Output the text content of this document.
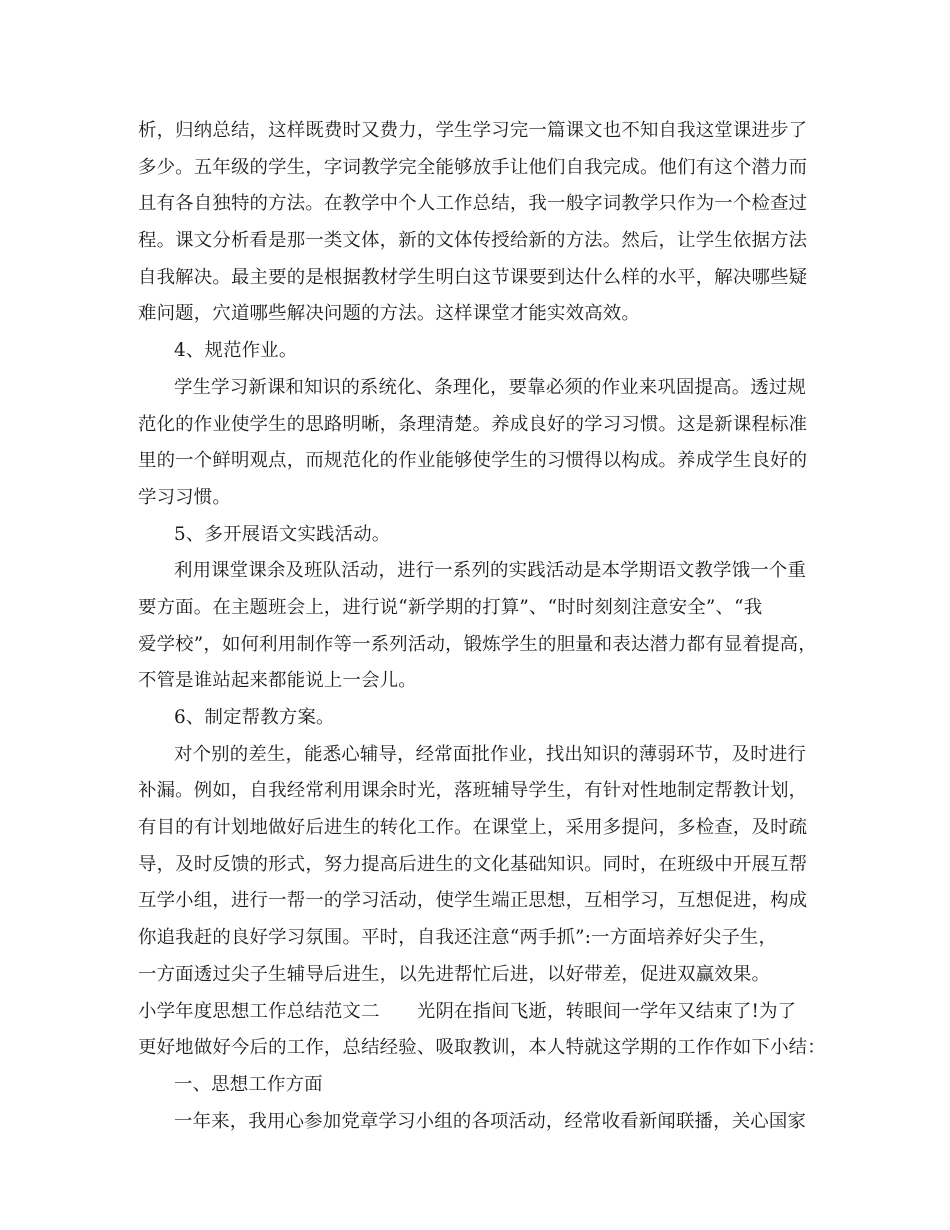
析，归纳总结，这样既费时又费力，学生学习完一篇课文也不知自我这堂课进步了
多少。五年级的学生，字词教学完全能够放手让他们自我完成。他们有这个潜力而
且有各自独特的方法。在教学中个人工作总结，我一般字词教学只作为一个检查过
程。课文分析看是那一类文体，新的文体传授给新的方法。然后，让学生依据方法
自我解决。最主要的是根据教材学生明白这节课要到达什么样的水平，解决哪些疑
难问题，穴道哪些解决问题的方法。这样课堂才能实效高效。
4、规范作业。
学生学习新课和知识的系统化、条理化，要靠必须的作业来巩固提高。透过规
范化的作业使学生的思路明晰，条理清楚。养成良好的学习习惯。这是新课程标准
里的一个鲜明观点，而规范化的作业能够使学生的习惯得以构成。养成学生良好的
学习习惯。
5、多开展语文实践活动。
利用课堂课余及班队活动，进行一系列的实践活动是本学期语文教学饿一个重
要方面。在主题班会上，进行说“新学期的打算”、“时时刻刻注意安全”、“我
爱学校”，如何利用制作等一系列活动，锻炼学生的胆量和表达潜力都有显着提高，
不管是谁站起来都能说上一会儿。
6、制定帮教方案。
对个别的差生，能悉心辅导，经常面批作业，找出知识的薄弱环节，及时进行
补漏。例如，自我经常利用课余时光，落班辅导学生，有针对性地制定帮教计划，
有目的有计划地做好后进生的转化工作。在课堂上，采用多提问，多检查，及时疏
导，及时反馈的形式，努力提高后进生的文化基础知识。同时，在班级中开展互帮
互学小组，进行一帮一的学习活动，使学生端正思想，互相学习，互想促进，构成
你追我赶的良好学习氛围。平时，自我还注意“两手抓”:一方面培养好尖子生，
一方面透过尖子生辅导后进生，以先进帮忙后进，以好带差，促进双赢效果。
小学年度思想工作总结范文二　　光阴在指间飞逝，转眼间一学年又结束了!为了
更好地做好今后的工作，总结经验、吸取教训，本人特就这学期的工作作如下小结：
一、思想工作方面
一年来，我用心参加党章学习小组的各项活动，经常收看新闻联播，关心国家
